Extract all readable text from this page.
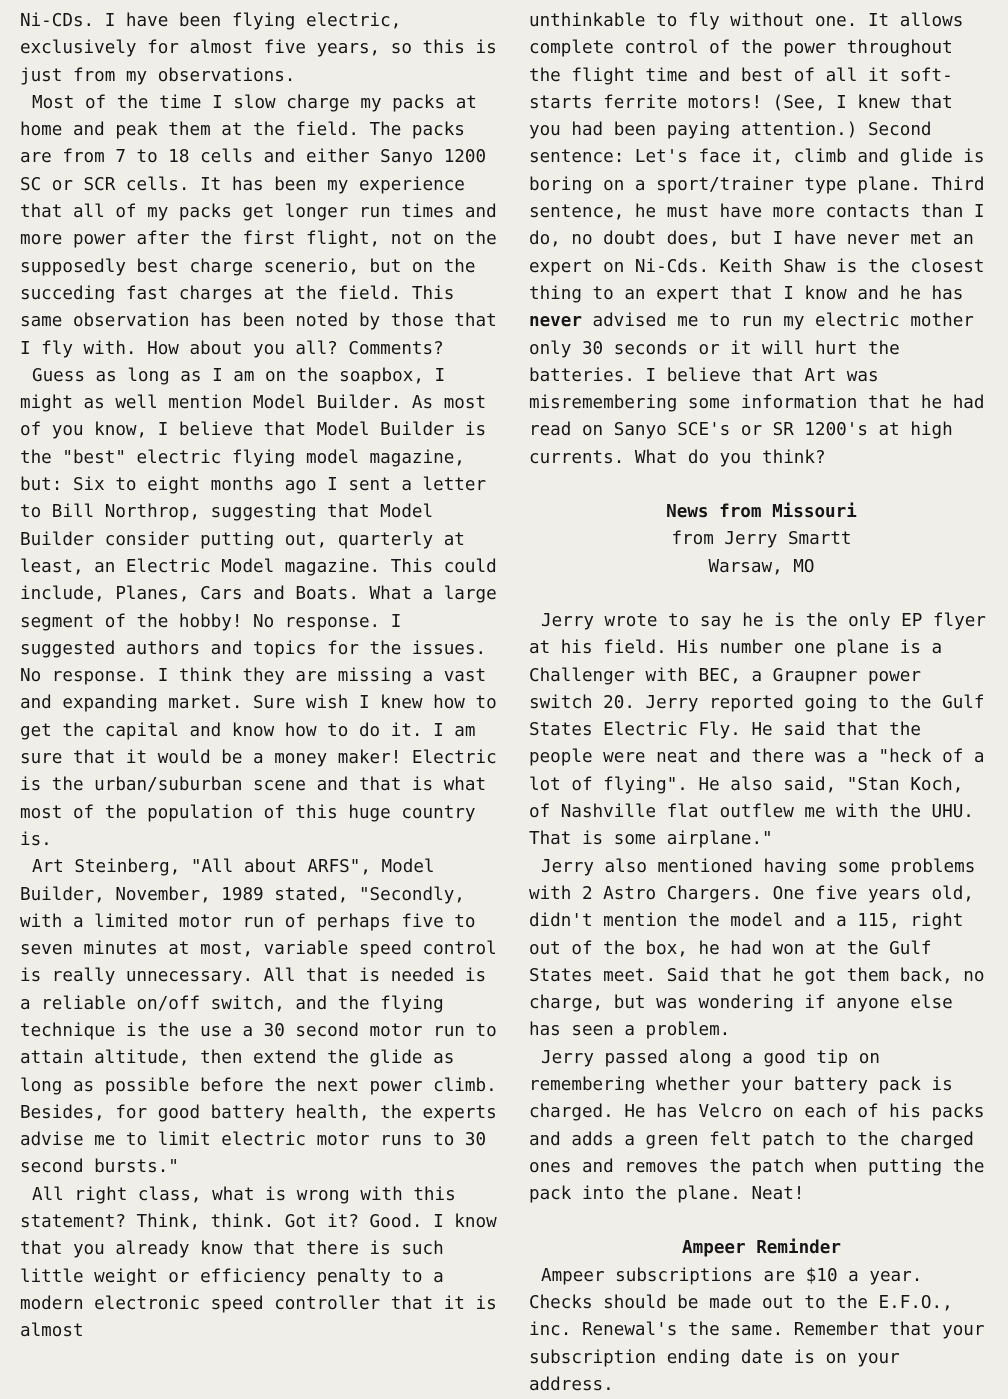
Ni-CDs. I have been flying electric, exclusively for almost five years, so this is just from my observations.

Most of the time I slow charge my packs at home and peak them at the field. The packs are from 7 to 18 cells and either Sanyo 1200 SC or SCR cells. It has been my experience that all of my packs get longer run times and more power after the first flight, not on the supposedly best charge scenerio, but on the succeding fast charges at the field. This same observation has been noted by those that I fly with. How about you all? Comments?

Guess as long as I am on the soapbox, I might as well mention Model Builder. As most of you know, I believe that Model Builder is the "best" electric flying model magazine, but: Six to eight months ago I sent a letter to Bill Northrop, suggesting that Model Builder consider putting out, quarterly at least, an Electric Model magazine. This could include, Planes, Cars and Boats. What a large segment of the hobby! No response. I suggested authors and topics for the issues. No response. I think they are missing a vast and expanding market. Sure wish I knew how to get the capital and know how to do it. I am sure that it would be a money maker! Electric is the urban/suburban scene and that is what most of the population of this huge country is.

Art Steinberg, "All about ARFS", Model Builder, November, 1989 stated, "Secondly, with a limited motor run of perhaps five to seven minutes at most, variable speed control is really unnecessary. All that is needed is a reliable on/off switch, and the flying technique is the use a 30 second motor run to attain altitude, then extend the glide as long as possible before the next power climb. Besides, for good battery health, the experts advise me to limit electric motor runs to 30 second bursts."

All right class, what is wrong with this statement? Think, think. Got it? Good. I know that you already know that there is such little weight or efficiency penalty to a modern electronic speed controller that it is almost

unthinkable to fly without one. It allows complete control of the power throughout the flight time and best of all it soft-starts ferrite motors! (See, I knew that you had been paying attention.) Second sentence: Let's face it, climb and glide is boring on a sport/trainer type plane. Third sentence, he must have more contacts than I do, no doubt does, but I have never met an expert on Ni-Cds. Keith Shaw is the closest thing to an expert that I know and he has never advised me to run my electric mother only 30 seconds or it will hurt the batteries. I believe that Art was misremembering some information that he had read on Sanyo SCE's or SR 1200's at high currents. What do you think?

News from Missouri

from Jerry Smartt

Warsaw, MO

Jerry wrote to say he is the only EP flyer at his field. His number one plane is a Challenger with BEC, a Graupner power switch 20. Jerry reported going to the Gulf States Electric Fly. He said that the people were neat and there was a "heck of a lot of flying". He also said, "Stan Koch, of Nashville flat outflew me with the UHU. That is some airplane."

Jerry also mentioned having some problems with 2 Astro Chargers. One five years old, didn't mention the model and a 115, right out of the box, he had won at the Gulf States meet. Said that he got them back, no charge, but was wondering if anyone else has seen a problem.

Jerry passed along a good tip on remembering whether your battery pack is charged. He has Velcro on each of his packs and adds a green felt patch to the charged ones and removes the patch when putting the pack into the plane. Neat!

Ampeer Reminder

Ampeer subscriptions are $10 a year. Checks should be made out to the E.F.O., inc. Renewal's the same. Remember that your subscription ending date is on your address.
